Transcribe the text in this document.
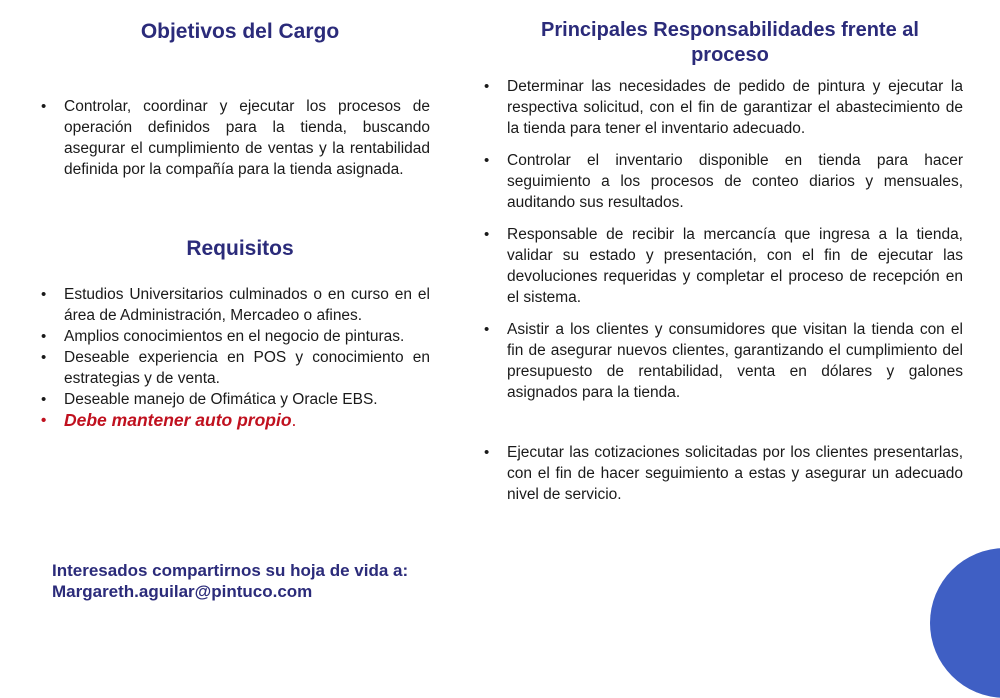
Objetivos del Cargo
• Controlar, coordinar y ejecutar los procesos de operación definidos para la tienda, buscando asegurar el cumplimiento de ventas y la rentabilidad definida por la compañía para la tienda asignada.
Requisitos
• Estudios Universitarios culminados o en curso en el área de Administración, Mercadeo o afines.
• Amplios conocimientos en el negocio de pinturas.
• Deseable experiencia en POS y conocimiento en estrategias y de venta.
• Deseable manejo de Ofimática y Oracle EBS.
• Debe mantener auto propio.
Interesados compartirnos su hoja de vida a:
Margareth.aguilar@pintuco.com
Principales Responsabilidades frente al proceso
• Determinar las necesidades de pedido de pintura y ejecutar la respectiva solicitud, con el fin de garantizar el abastecimiento de la tienda para tener el inventario adecuado.
• Controlar el inventario disponible en tienda para hacer seguimiento a los procesos de conteo diarios y mensuales, auditando sus resultados.
• Responsable de recibir la mercancía que ingresa a la tienda, validar su estado y presentación, con el fin de ejecutar las devoluciones requeridas y completar el proceso de recepción en el sistema.
• Asistir a los clientes y consumidores que visitan la tienda con el fin de asegurar nuevos clientes, garantizando el cumplimiento del presupuesto de rentabilidad, venta en dólares y galones asignados para la tienda.
• Ejecutar las cotizaciones solicitadas por los clientes presentarlas, con el fin de hacer seguimiento a estas y asegurar un adecuado nivel de servicio.
